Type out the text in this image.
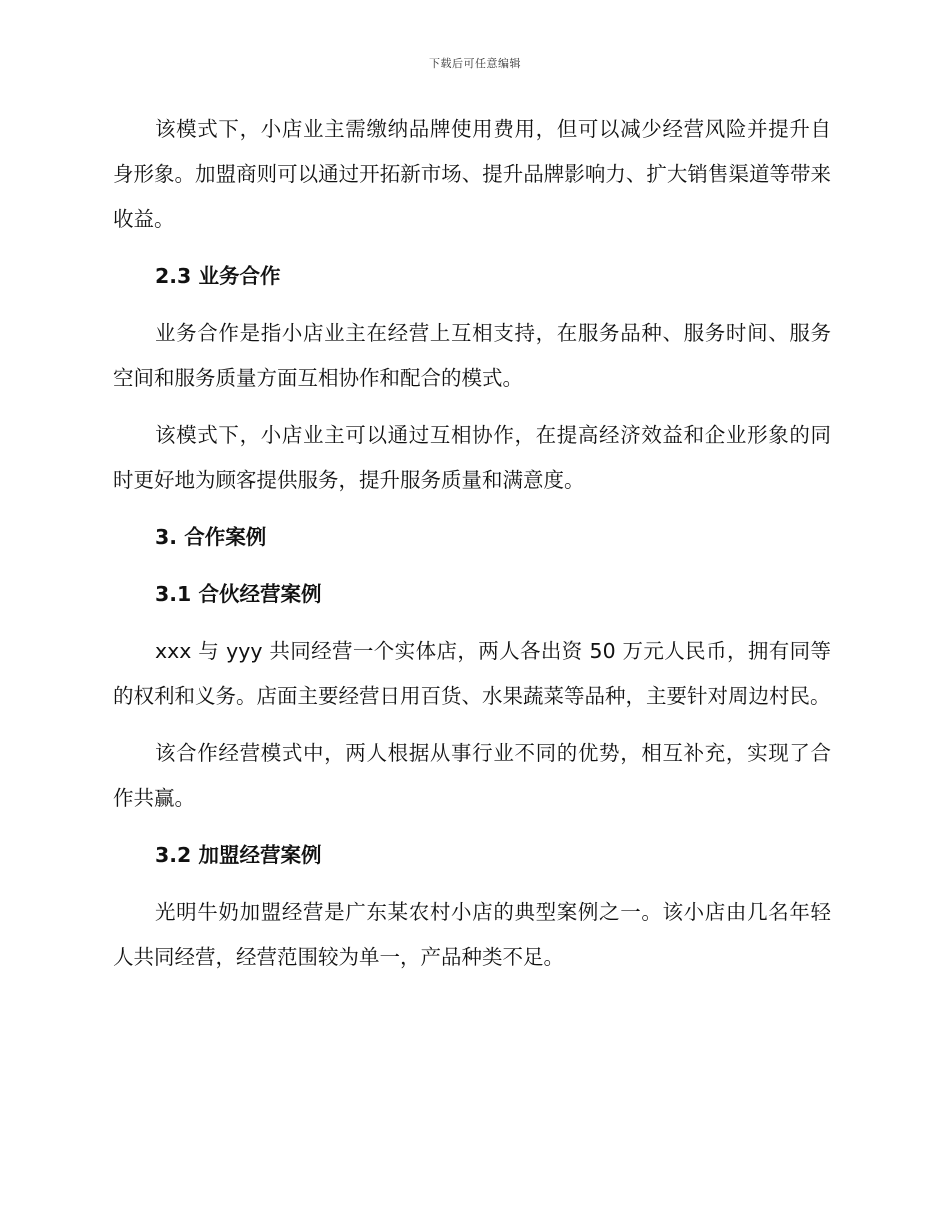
下载后可任意编辑

该模式下，小店业主需缴纳品牌使用费用，但可以减少经营风险并提升自身形象。加盟商则可以通过开拓新市场、提升品牌影响力、扩大销售渠道等带来收益。

2.3 业务合作

业务合作是指小店业主在经营上互相支持，在服务品种、服务时间、服务空间和服务质量方面互相协作和配合的模式。

该模式下，小店业主可以通过互相协作，在提高经济效益和企业形象的同时更好地为顾客提供服务，提升服务质量和满意度。

3. 合作案例
3.1 合伙经营案例

xxx 与 yyy 共同经营一个实体店，两人各出资 50 万元人民币，拥有同等的权利和义务。店面主要经营日用百货、水果蔬菜等品种，主要针对周边村民。

该合作经营模式中，两人根据从事行业不同的优势，相互补充，实现了合作共赢。

3.2 加盟经营案例

光明牛奶加盟经营是广东某农村小店的典型案例之一。该小店由几名年轻人共同经营，经营范围较为单一，产品种类不足。
